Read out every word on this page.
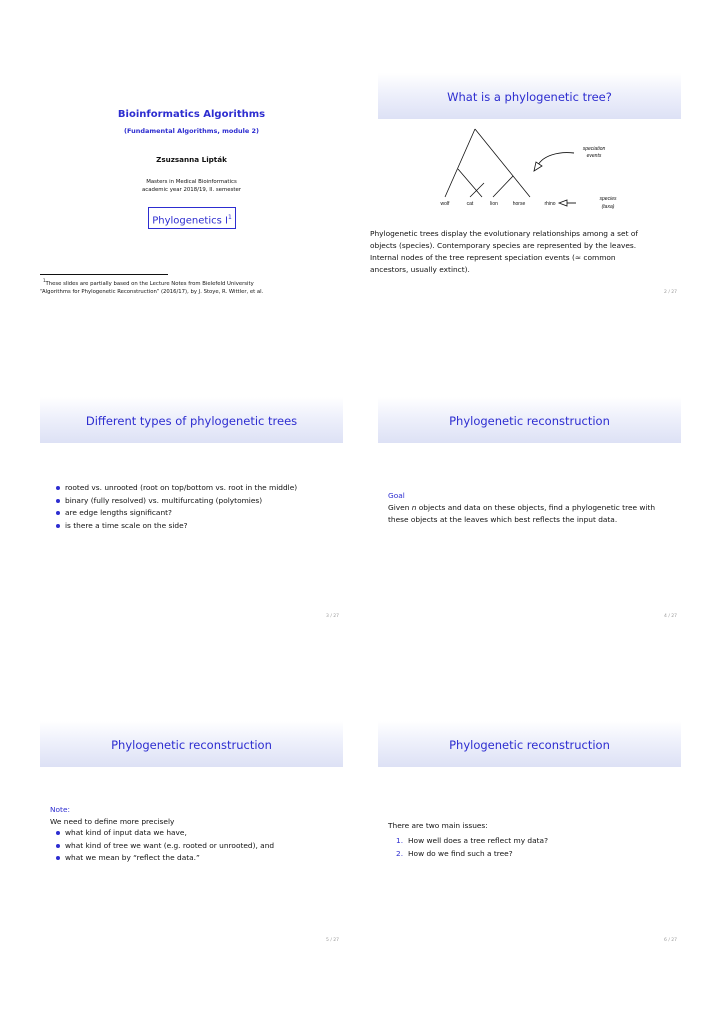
Bioinformatics Algorithms
(Fundamental Algorithms, module 2)
Zsuzsanna Lipták
Masters in Medical Bioinformatics
academic year 2018/19, II. semester
Phylogenetics $I^1$
$^1$These slides are partially based on the Lecture Notes from Bielefeld University
“Algorithms for Phylogenetic Reconstruction” (2016/17), by J. Stoye, R. Wittler, et al.
What is a phylogenetic tree?
wolf	cat	lion	horse	rhino
speciation
events
species
(taxa)
Phylogenetic trees display the evolutionary relationships among a set of
objects (species). Contemporary species are represented by the leaves.
Internal nodes of the tree represent speciation events (≈ common
ancestors, usually extinct).
2 / 27
Different types of phylogenetic trees
rooted vs. unrooted (root on top/bottom vs. root in the middle)
binary (fully resolved) vs. multifurcating (polytomies)
are edge lengths significant?
is there a time scale on the side?
3 / 27
Phylogenetic reconstruction
Goal
Given n objects and data on these objects, find a phylogenetic tree with
these objects at the leaves which best reflects the input data.
4 / 27
Phylogenetic reconstruction
Note:
We need to define more precisely
what kind of input data we have,
what kind of tree we want (e.g. rooted or unrooted), and
what we mean by “reflect the data.”
5 / 27
Phylogenetic reconstruction
There are two main issues:
1. How well does a tree reflect my data?
2. How do we find such a tree?
6 / 27
